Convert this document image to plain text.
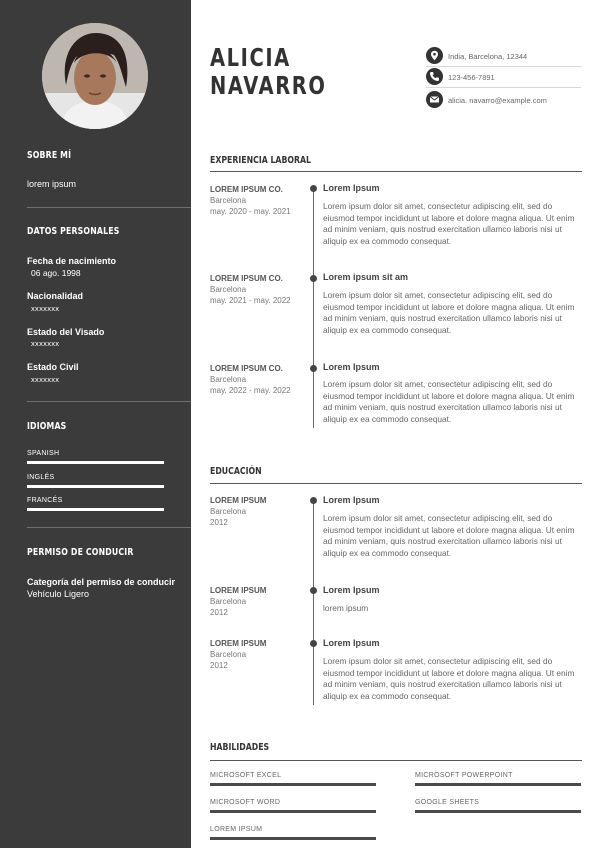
SOBRE MÍ
lorem ipsum
DATOS PERSONALES
Fecha de nacimiento
06 ago. 1998
Nacionalidad
xxxxxxx
Estado del Visado
xxxxxxx
Estado Civil
xxxxxxx
IDIOMAS
SPANISH
INGLÉS
FRANCÉS
PERMISO DE CONDUCIR
Categoría del permiso de conducir
Vehículo Ligero
ALICIA
NAVARRO
India, Barcelona, 12344
123-456-7891
alicia. navarro@example.com
EXPERIENCIA LABORAL
LOREM IPSUM CO.
Barcelona
may. 2020 - may. 2021
Lorem Ipsum
Lorem ipsum dolor sit amet, consectetur adipiscing elit, sed do eiusmod tempor incididunt ut labore et dolore magna aliqua. Ut enim ad minim veniam, quis nostrud exercitation ullamco laboris nisi ut aliquip ex ea commodo consequat.
LOREM IPSUM CO.
Barcelona
may. 2021 - may. 2022
Lorem ipsum sit am
Lorem ipsum dolor sit amet, consectetur adipiscing elit, sed do eiusmod tempor incididunt ut labore et dolore magna aliqua. Ut enim ad minim veniam, quis nostrud exercitation ullamco laboris nisi ut aliquip ex ea commodo consequat.
LOREM IPSUM CO.
Barcelona
may. 2022 - may. 2022
Lorem Ipsum
Lorem ipsum dolor sit amet, consectetur adipiscing elit, sed do eiusmod tempor incididunt ut labore et dolore magna aliqua. Ut enim ad minim veniam, quis nostrud exercitation ullamco laboris nisi ut aliquip ex ea commodo consequat.
EDUCACIÓN
LOREM IPSUM
Barcelona
2012
Lorem Ipsum
Lorem ipsum dolor sit amet, consectetur adipiscing elit, sed do eiusmod tempor incididunt ut labore et dolore magna aliqua. Ut enim ad minim veniam, quis nostrud exercitation ullamco laboris nisi ut aliquip ex ea commodo consequat.
LOREM IPSUM
Barcelona
2012
Lorem Ipsum
lorem ipsum
LOREM IPSUM
Barcelona
2012
Lorem Ipsum
Lorem ipsum dolor sit amet, consectetur adipiscing elit, sed do eiusmod tempor incididunt ut labore et dolore magna aliqua. Ut enim ad minim veniam, quis nostrud exercitation ullamco laboris nisi ut aliquip ex ea commodo consequat.
HABILIDADES
MICROSOFT EXCEL	MICROSOFT POWERPOINT
MICROSOFT WORD	GOOGLE SHEETS
LOREM IPSUM
